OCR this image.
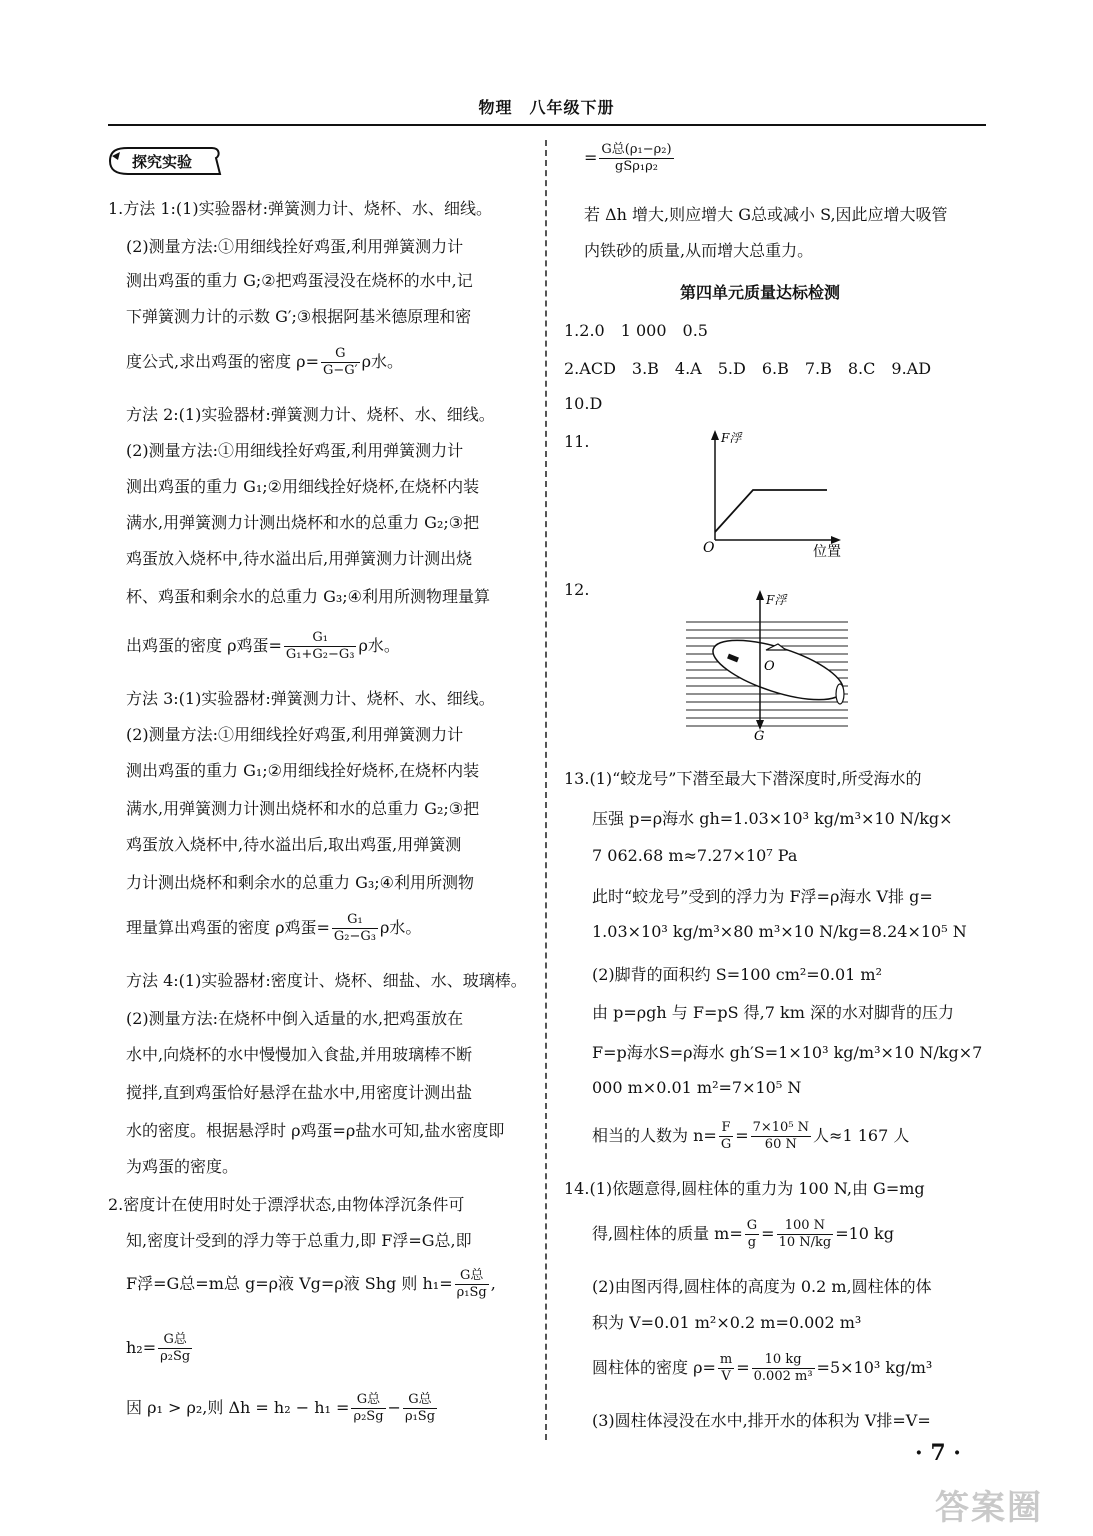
物理　八年级下册
探究实验

1.方法 1:(1)实验器材:弹簧测力计、烧杯、水、细线。

(2)测量方法:①用细线拴好鸡蛋,利用弹簧测力计

测出鸡蛋的重力 G;②把鸡蛋浸没在烧杯的水中,记

下弹簧测力计的示数 G′;③根据阿基米德原理和密

度公式,求出鸡蛋的密度 $\rho= \frac{G}{G-G'}$ ρ水。

方法 2:(1)实验器材:弹簧测力计、烧杯、水、细线。

(2)测量方法:①用细线拴好鸡蛋,利用弹簧测力计

测出鸡蛋的重力 G₁;②用细线拴好烧杯,在烧杯内装

满水,用弹簧测力计测出烧杯和水的总重力 G₂;③把

鸡蛋放入烧杯中,待水溢出后,用弹簧测力计测出烧

杯、鸡蛋和剩余水的总重力 G₃;④利用所测物理量算

出鸡蛋的密度 ρ鸡蛋= $\frac{\text{G₁}}{\text{G₁+G₂−G₃}}$ ρ水。

方法 3:(1)实验器材:弹簧测力计、烧杯、水、细线。

(2)测量方法:①用细线拴好鸡蛋,利用弹簧测力计

测出鸡蛋的重力 G₁;②用细线拴好烧杯,在烧杯内装

满水,用弹簧测力计测出烧杯和水的总重力 G₂;③把

鸡蛋放入烧杯中,待水溢出后,取出鸡蛋,用弹簧测

力计测出烧杯和剩余水的总重力 G₃;④利用所测物

理量算出鸡蛋的密度 ρ鸡蛋= $\frac{\text{G₁}}{\text{G₂−G₃}}$ ρ水。

方法 4:(1)实验器材:密度计、烧杯、细盐、水、玻璃棒。

(2)测量方法:在烧杯中倒入适量的水,把鸡蛋放在

水中,向烧杯的水中慢慢加入食盐,并用玻璃棒不断

搅拌,直到鸡蛋恰好悬浮在盐水中,用密度计测出盐

水的密度。根据悬浮时 ρ鸡蛋=ρ盐水可知,盐水密度即

为鸡蛋的密度。

2.密度计在使用时处于漂浮状态,由物体浮沉条件可

知,密度计受到的浮力等于总重力,即 F浮=G总,即

F浮=G总=m总 g=ρ液 Vg=ρ液 Shg 则 $h_1= \frac{\text{G总}}{\text{ρ₁Sg}}$ ,

$h_2= \frac{\text{G总}}{\text{ρ₂Sg}}$

因 ρ₁ > ρ₂,则 $\Delta h = h_2 - h_1 = \frac{\text{G总}}{\text{ρ₂Sg}} - \frac{\text{G总}}{\text{ρ₁Sg}}$

= $\frac{\text{G总(ρ₁−ρ₂)}}{\text{gSρ₁ρ₂}}$

若 Δh 增大,则应增大 G总或减小 S,因此应增大吸管

内铁砂的质量,从而增大总重力。

第四单元质量达标检测

1.2.0　1 000　0.5

2.ACD　3.B　4.A　5.D　6.B　7.B　8.C　9.AD

10.D

11.	F浮
O	位置

12.

F浮
O
G

13.(1)“蛟龙号”下潜至最大下潜深度时,所受海水的

压强 p=ρ海水 gh=1.03×10³ kg/m³×10 N/kg×

7 062.68 m≈7.27×10⁷ Pa

此时“蛟龙号”受到的浮力为 F浮=ρ海水 V排 g=

1.03×10³ kg/m³×80 m³×10 N/kg=8.24×10⁵ N

(2)脚背的面积约 S=100 cm²=0.01 m²

由 p=ρgh 与 F=pS 得,7 km 深的水对脚背的压力

F=p海水S=ρ海水 gh′S=1×10³ kg/m³×10 N/kg×7

000 m×0.01 m²=7×10⁵ N

相当的人数为 $n= \frac{F}{G} = \frac{\text{7×10⁵ N}}{60 N}$ 人≈1 167 人

14.(1)依题意得,圆柱体的重力为 100 N,由 G=mg

得,圆柱体的质量 $m= \frac{G}{g} = \frac{100 N}{10 N/kg} =10$ kg

(2)由图丙得,圆柱体的高度为 0.2 m,圆柱体的体

积为 V=0.01 m²×0.2 m=0.002 m³

圆柱体的密度 $\rho= \frac{m}{V} = \frac{10 kg}{\text{0.002 m³}} =5\times 10^3$ kg/m³

(3)圆柱体浸没在水中,排开水的体积为 V排=V=

· 7 ·
答案圈
